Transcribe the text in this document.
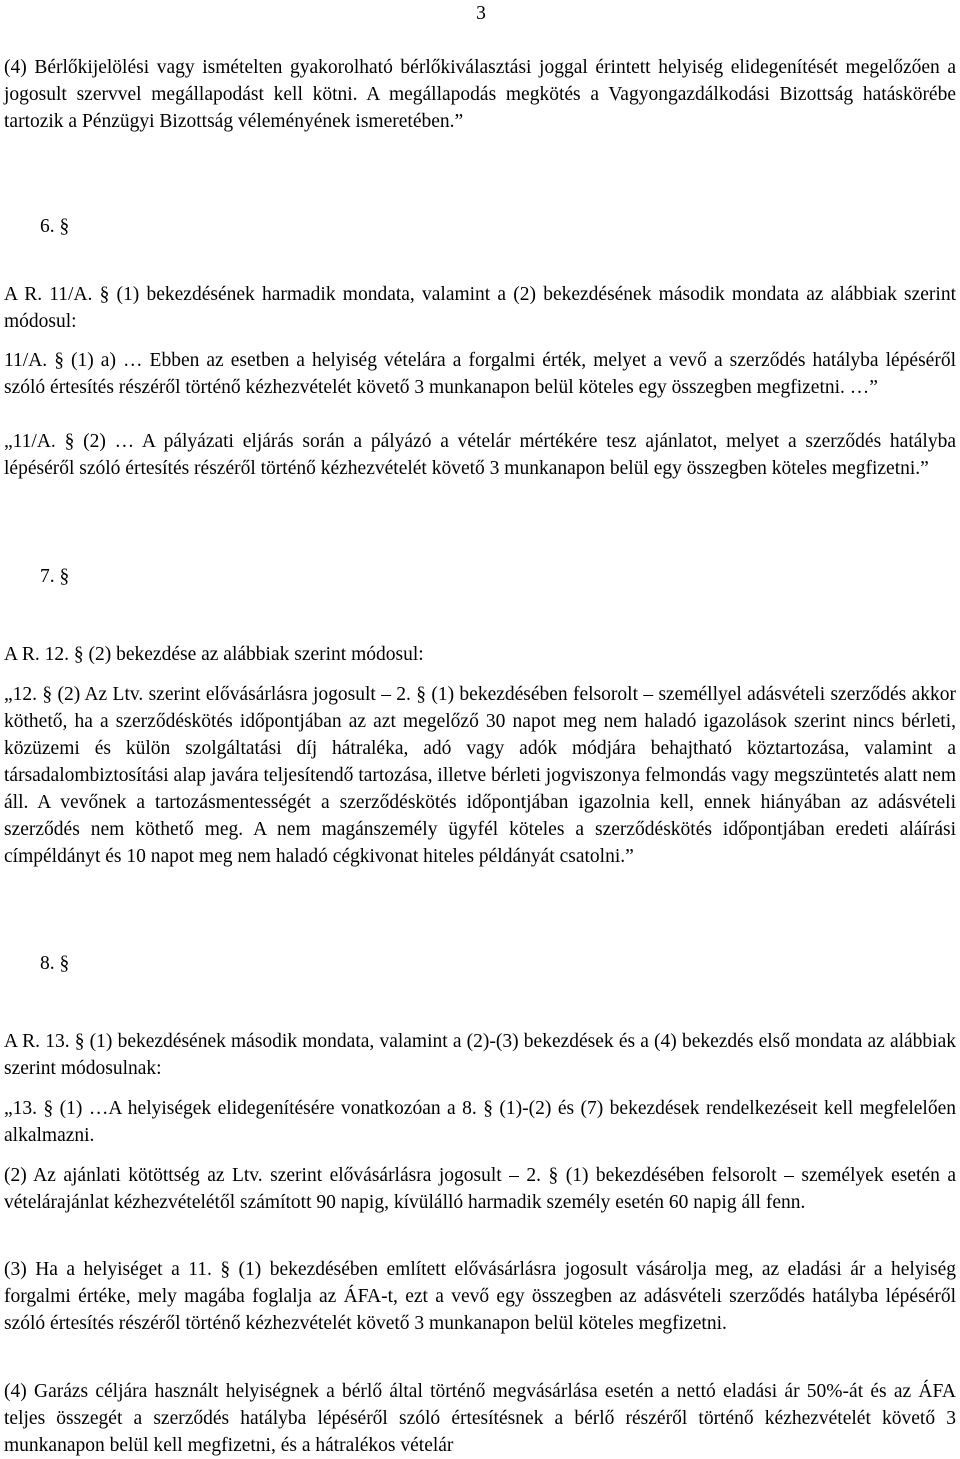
3

(4) Bérlőkijelölési vagy ismételten gyakorolható bérlőkiválasztási joggal érintett helyiség elidegenítését megelőzően a jogosult szervvel megállapodást kell kötni. A megállapodás megkötés a Vagyongazdálkodási Bizottság hatáskörébe tartozik a Pénzügyi Bizottság véleményének ismeretében.”

6. §

A R. 11/A. § (1) bekezdésének harmadik mondata, valamint a (2) bekezdésének második mondata az alábbiak szerint módosul:

11/A. § (1) a) … Ebben az esetben a helyiség vételára a forgalmi érték, melyet a vevő a szerződés hatályba lépéséről szóló értesítés részéről történő kézhezvételét követő 3 munkanapon belül köteles egy összegben megfizetni. …”

„11/A. § (2) … A pályázati eljárás során a pályázó a vételár mértékére tesz ajánlatot, melyet a szerződés hatályba lépéséről szóló értesítés részéről történő kézhezvételét követő 3 munkanapon belül egy összegben köteles megfizetni.”

7. §

A R. 12. § (2) bekezdése az alábbiak szerint módosul:

„12. § (2) Az Ltv. szerint elővásárlásra jogosult – 2. § (1) bekezdésében felsorolt – személlyel adásvételi szerződés akkor köthető, ha a szerződéskötés időpontjában az azt megelőző 30 napot meg nem haladó igazolások szerint nincs bérleti, közüzemi és külön szolgáltatási díj hátraléka, adó vagy adók módjára behajtható köztartozása, valamint a társadalombiztosítási alap javára teljesítendő tartozása, illetve bérleti jogviszonya felmondás vagy megszüntetés alatt nem áll. A vevőnek a tartozásmentességét a szerződéskötés időpontjában igazolnia kell, ennek hiányában az adásvételi szerződés nem köthető meg. A nem magánszemély ügyfél köteles a szerződéskötés időpontjában eredeti aláírási címpéldányt és 10 napot meg nem haladó cégkivonat hiteles példányát csatolni.”

8. §

A R. 13. § (1) bekezdésének második mondata, valamint a (2)-(3) bekezdések és a (4) bekezdés első mondata az alábbiak szerint módosulnak:

„13. § (1) …A helyiségek elidegenítésére vonatkozóan a 8. § (1)-(2) és (7) bekezdések rendelkezéseit kell megfelelően alkalmazni.

(2) Az ajánlati kötöttség az Ltv. szerint elővásárlásra jogosult – 2. § (1) bekezdésében felsorolt – személyek esetén a vételárajánlat kézhezvételétől számított 90 napig, kívülálló harmadik személy esetén 60 napig áll fenn.

(3) Ha a helyiséget a 11. § (1) bekezdésében említett elővásárlásra jogosult vásárolja meg, az eladási ár a helyiség forgalmi értéke, mely magába foglalja az ÁFA-t, ezt a vevő egy összegben az adásvételi szerződés hatályba lépéséről szóló értesítés részéről történő kézhezvételét követő 3 munkanapon belül köteles megfizetni.

(4) Garázs céljára használt helyiségnek a bérlő által történő megvásárlása esetén a nettó eladási ár 50%-át és az ÁFA teljes összegét a szerződés hatályba lépéséről szóló értesítésnek a bérlő részéről történő kézhezvételét követő 3 munkanapon belül kell megfizetni, és a hátralékos vételár
